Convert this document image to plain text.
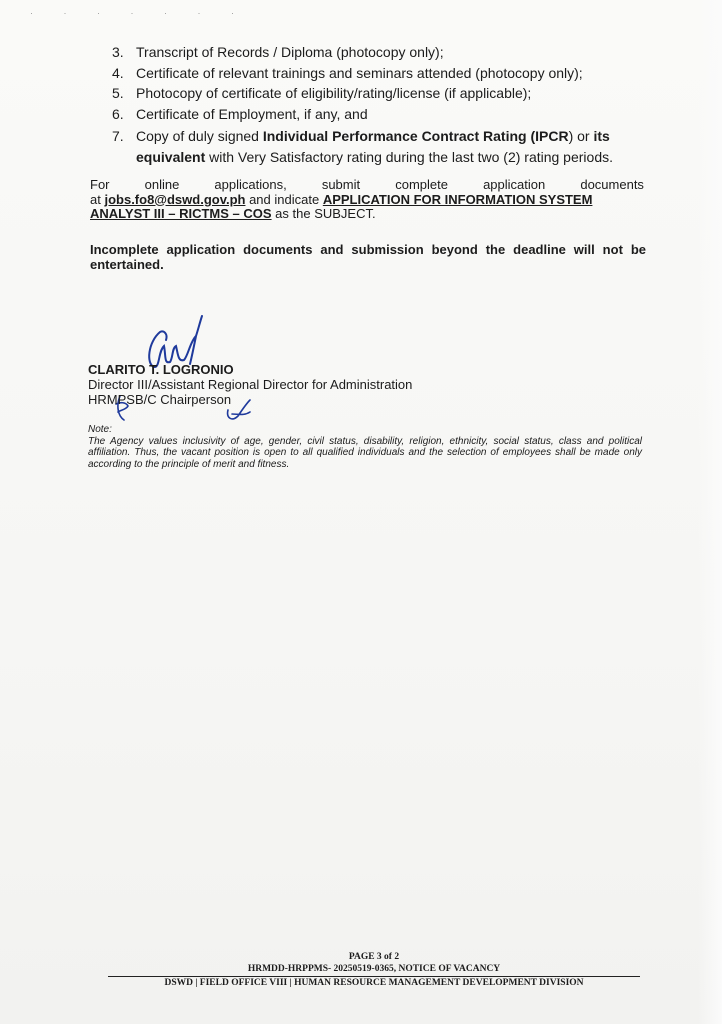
· · · · · · ·
3. Transcript of Records / Diploma (photocopy only);
4. Certificate of relevant trainings and seminars attended (photocopy only);
5. Photocopy of certificate of eligibility/rating/license (if applicable);
6. Certificate of Employment, if any, and
7. Copy of duly signed Individual Performance Contract Rating (IPCR) or its equivalent with Very Satisfactory rating during the last two (2) rating periods.
For	online	applications,	submit	complete	application	documents
at jobs.fo8@dswd.gov.ph and indicate APPLICATION FOR INFORMATION SYSTEM ANALYST III – RICTMS – COS as the SUBJECT.
Incomplete application documents and submission beyond the deadline will not be entertained.
CLARITO T. LOGRONIO
Director III/Assistant Regional Director for Administration
HRMPSB/C Chairperson
Note:
The Agency values inclusivity of age, gender, civil status, disability, religion, ethnicity, social status, class and political affiliation. Thus, the vacant position is open to all qualified individuals and the selection of employees shall be made only according to the principle of merit and fitness.
PAGE 3 of 2
HRMDD-HRPPMS- 20250519-0365, NOTICE OF VACANCY
DSWD | FIELD OFFICE VIII | HUMAN RESOURCE MANAGEMENT DEVELOPMENT DIVISION
